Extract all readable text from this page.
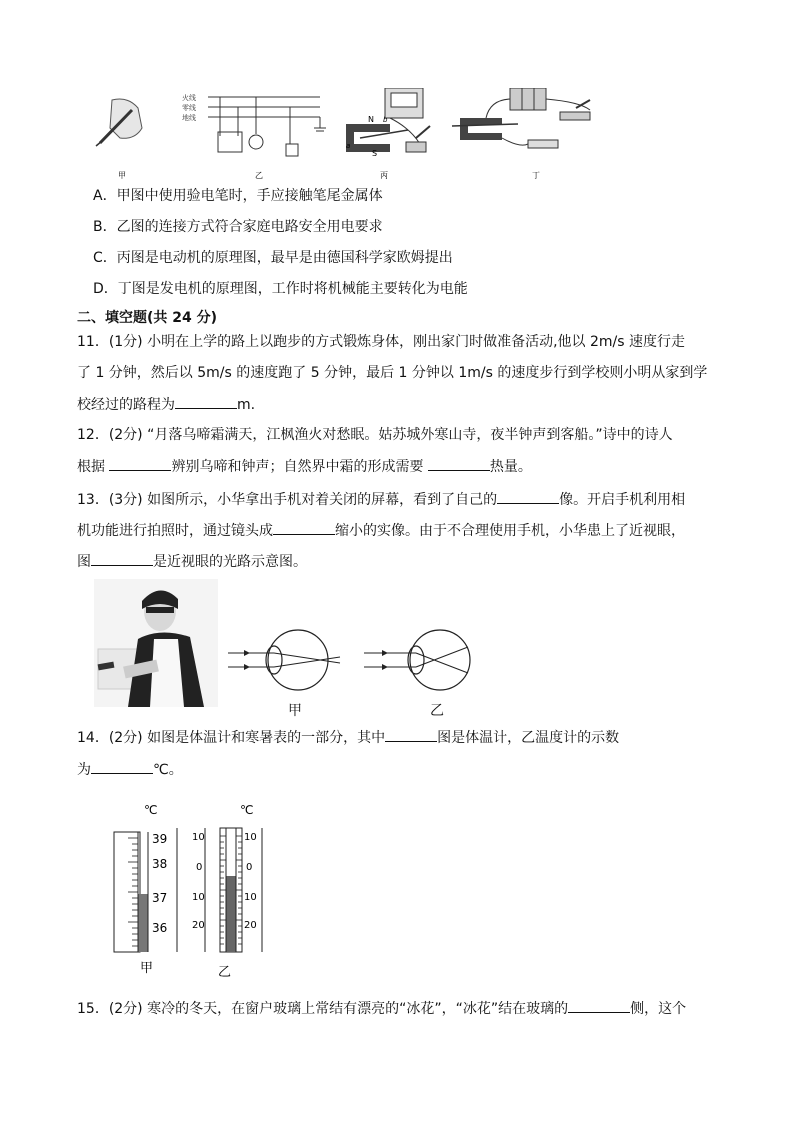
火线
零线
地线	N
S
b
a
甲	乙	丙	丁
A．甲图中使用验电笔时，手应接触笔尾金属体
B．乙图的连接方式符合家庭电路安全用电要求
C．丙图是电动机的原理图，最早是由德国科学家欧姆提出
D．丁图是发电机的原理图，工作时将机械能主要转化为电能
二、填空题(共 24 分)
11．(1分) 小明在上学的路上以跑步的方式锻炼身体，刚出家门时做准备活动,他以 2m/s 速度行走
了 1 分钟，然后以 5m/s 的速度跑了 5 分钟，最后 1 分钟以 1m/s 的速度步行到学校则小明从家到学
校经过的路程为	m.
12．(2分) “月落乌啼霜满天，江枫渔火对愁眠。姑苏城外寒山寺，夜半钟声到客船。”诗中的诗人
根据	辨别乌啼和钟声；自然界中霜的形成需要	热量。
13．(3分) 如图所示，小华拿出手机对着关闭的屏幕，看到了自己的	像。开启手机利用相
机功能进行拍照时，通过镜头成	缩小的实像。由于不合理使用手机，小华患上了近视眼，
图	是近视眼的光路示意图。
甲	乙
14．(2分) 如图是体温计和寒暑表的一部分，其中	图是体温计，乙温度计的示数
为	℃。
℃
39
38
37
36
甲
℃
10
0
10
20
10
0
10
20
乙
15．(2分) 寒冷的冬天，在窗户玻璃上常结有漂亮的“冰花”，“冰花”结在玻璃的	侧，这个
